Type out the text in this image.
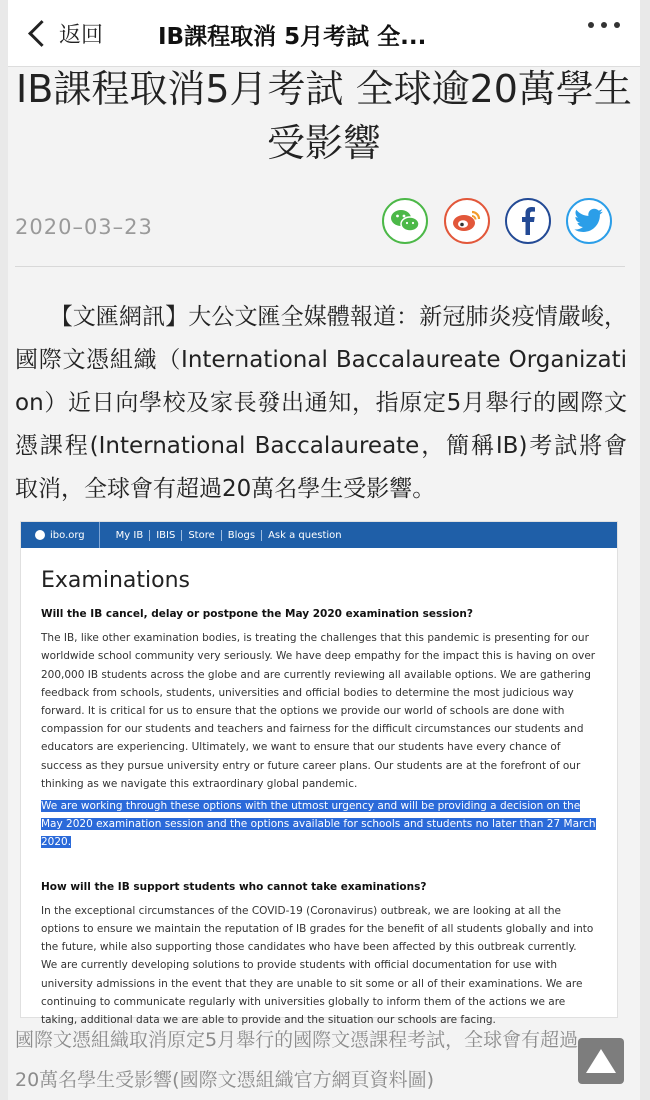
返回 IB課程取消 5月考試 全...
IB課程取消5月考試 全球逾20萬學生受影響
2020–03–23
　　【文匯網訊】大公文匯全媒體報道：新冠肺炎疫情嚴峻，國際文憑組織（International Baccalaureate Organization）近日向學校及家長發出通知，指原定5月舉行的國際文憑課程(International Baccalaureate，簡稱IB)考試將會取消，全球會有超過20萬名學生受影響。
ibo.org	My IB	IBIS	Store	Blogs	Ask a question
Examinations
Will the IB cancel, delay or postpone the May 2020 examination session?

The IB, like other examination bodies, is treating the challenges that this pandemic is presenting for our worldwide school community very seriously. We have deep empathy for the impact this is having on over 200,000 IB students across the globe and are currently reviewing all available options. We are gathering feedback from schools, students, universities and official bodies to determine the most judicious way forward. It is critical for us to ensure that the options we provide our world of schools are done with compassion for our students and teachers and fairness for the difficult circumstances our students and educators are experiencing. Ultimately, we want to ensure that our students have every chance of success as they pursue university entry or future career plans. Our students are at the forefront of our thinking as we navigate this extraordinary global pandemic.

We are working through these options with the utmost urgency and will be providing a decision on the May 2020 examination session and the options available for schools and students no later than 27 March 2020.

How will the IB support students who cannot take examinations?

In the exceptional circumstances of the COVID-19 (Coronavirus) outbreak, we are looking at all the options to ensure we maintain the reputation of IB grades for the benefit of all students globally and into the future, while also supporting those candidates who have been affected by this outbreak currently.

We are currently developing solutions to provide students with official documentation for use with university admissions in the event that they are unable to sit some or all of their examinations. We are continuing to communicate regularly with universities globally to inform them of the actions we are taking, additional data we are able to provide and the situation our schools are facing.

國際文憑組織取消原定5月舉行的國際文憑課程考試，全球會有超過20萬名學生受影響(國際文憑組織官方網頁資料圖)
